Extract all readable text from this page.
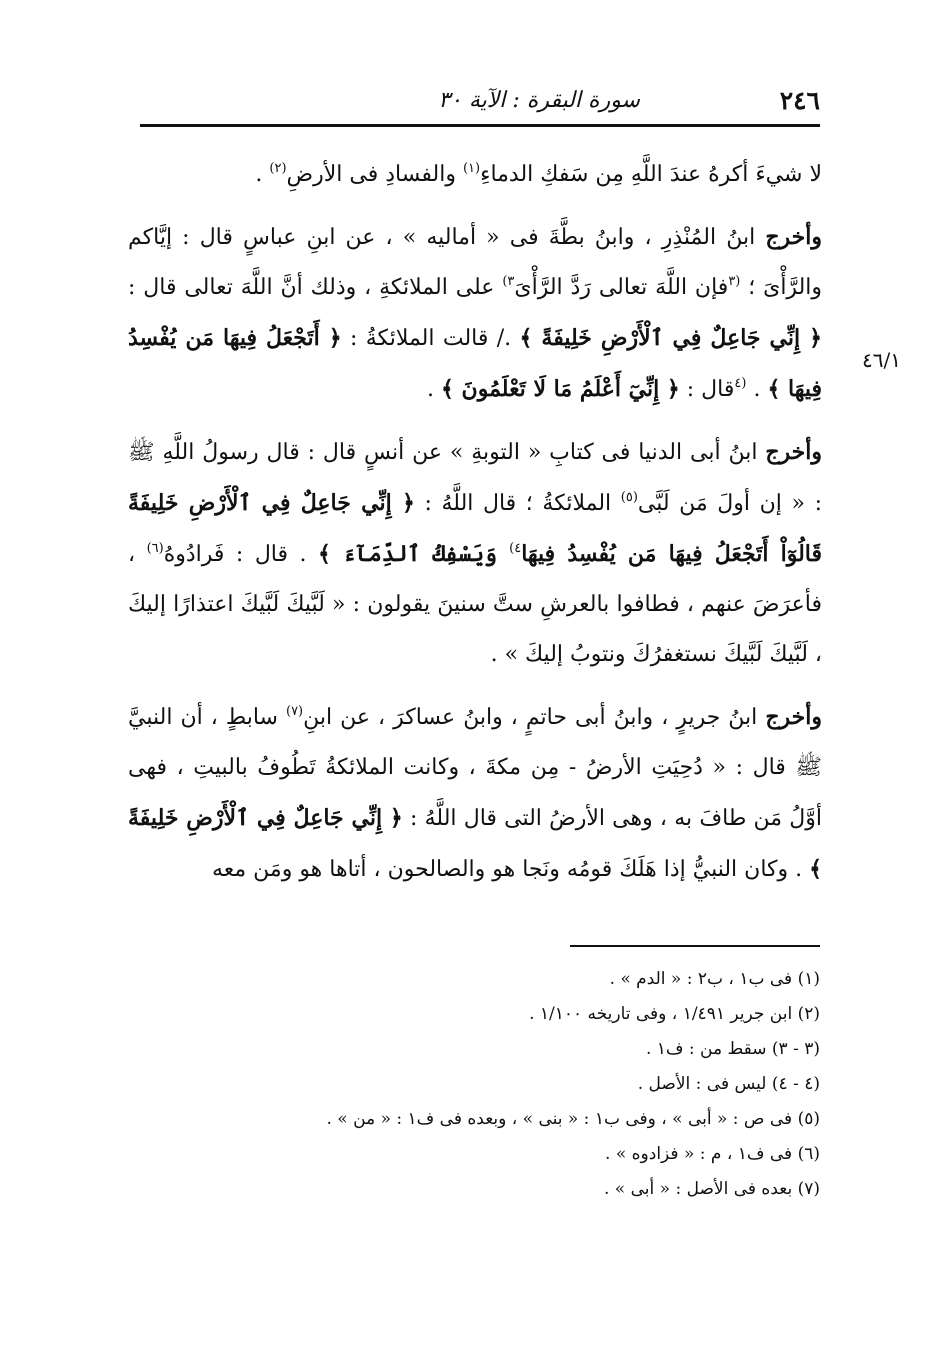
٢٤٦
سورة البقرة : الآية ٣٠
٤٦/١

لا شيءَ أكرهُ عندَ اللَّهِ مِن سَفكِ الدماءِ$^{(١)}$ والفسادِ فى الأرضِ$^{(٢)}$ .

وأخرج ابنُ المُنْذِرِ ، وابنُ بطَّةَ فى « أماليه » ، عن ابنِ عباسٍ قال : إيَّاكم والرَّأْىَ ؛ $^{(٣}$فإن اللَّهَ تعالى رَدَّ الرَّأْىَ$^{٣)}$ على الملائكةِ ، وذلك أنَّ اللَّهَ تعالى قال : ﴿ إِنِّي جَاعِلٌ فِي ٱلْأَرْضِ خَلِيفَةً ﴾ ./ قالت الملائكةُ : ﴿ أَتَجْعَلُ فِيهَا مَن يُفْسِدُ فِيهَا ﴾ . $^{(٤}$قال : ﴿ إِنِّيٓ أَعْلَمُ مَا لَا تَعْلَمُونَ ﴾ .

وأخرج ابنُ أبى الدنيا فى كتابِ « التوبةِ » عن أنسٍ قال : قال رسولُ اللَّهِ ﷺ : « إن أولَ مَن لَبَّى$^{(٥)}$ الملائكةُ ؛ قال اللَّهُ : ﴿ إِنِّي جَاعِلٌ فِي ٱلْأَرْضِ خَلِيفَةً قَالُوٓاْ أَتَجْعَلُ فِيهَا مَن يُفْسِدُ فِيهَا$^{٤)}$ وَيَسْفِكُ ٱلدِّمَآءَ ﴾ . قال : فَرادُوهُ$^{(٦)}$ ، فأعرَضَ عنهم ، فطافوا بالعرشِ ستَّ سنينَ يقولون : « لَبَّيكَ لَبَّيكَ اعتذارًا إليكَ ، لَبَّيكَ لَبَّيكَ نستغفرُكَ ونتوبُ إليكَ » .

وأخرج ابنُ جريرٍ ، وابنُ أبى حاتمٍ ، وابنُ عساكرَ ، عن ابنِ$^{(٧)}$ سابطٍ ، أن النبيَّ ﷺ قال : « دُحِيَتِ الأرضُ - مِن مكةَ ، وكانت الملائكةُ تَطُوفُ بالبيتِ ، فهى أوَّلُ مَن طافَ به ، وهى الأرضُ التى قال اللَّهُ : ﴿ إِنِّي جَاعِلٌ فِي ٱلْأَرْضِ خَلِيفَةً ﴾ . وكان النبيُّ إذا هَلَكَ قومُه ونَجا هو والصالحون ، أتاها هو ومَن معه

(١) فى ب١ ، ب٢ : « الدم » .
(٢) ابن جرير ١/٤٩١ ، وفى تاريخه ١/١٠٠ .
(٣ - ٣) سقط من : ف١ .
(٤ - ٤) ليس فى : الأصل .
(٥) فى ص : « أبى » ، وفى ب١ : « بنى » ، وبعده فى ف١ : « من » .
(٦) فى ف١ ، م : « فزادوه » .
(٧) بعده فى الأصل : « أبى » .
